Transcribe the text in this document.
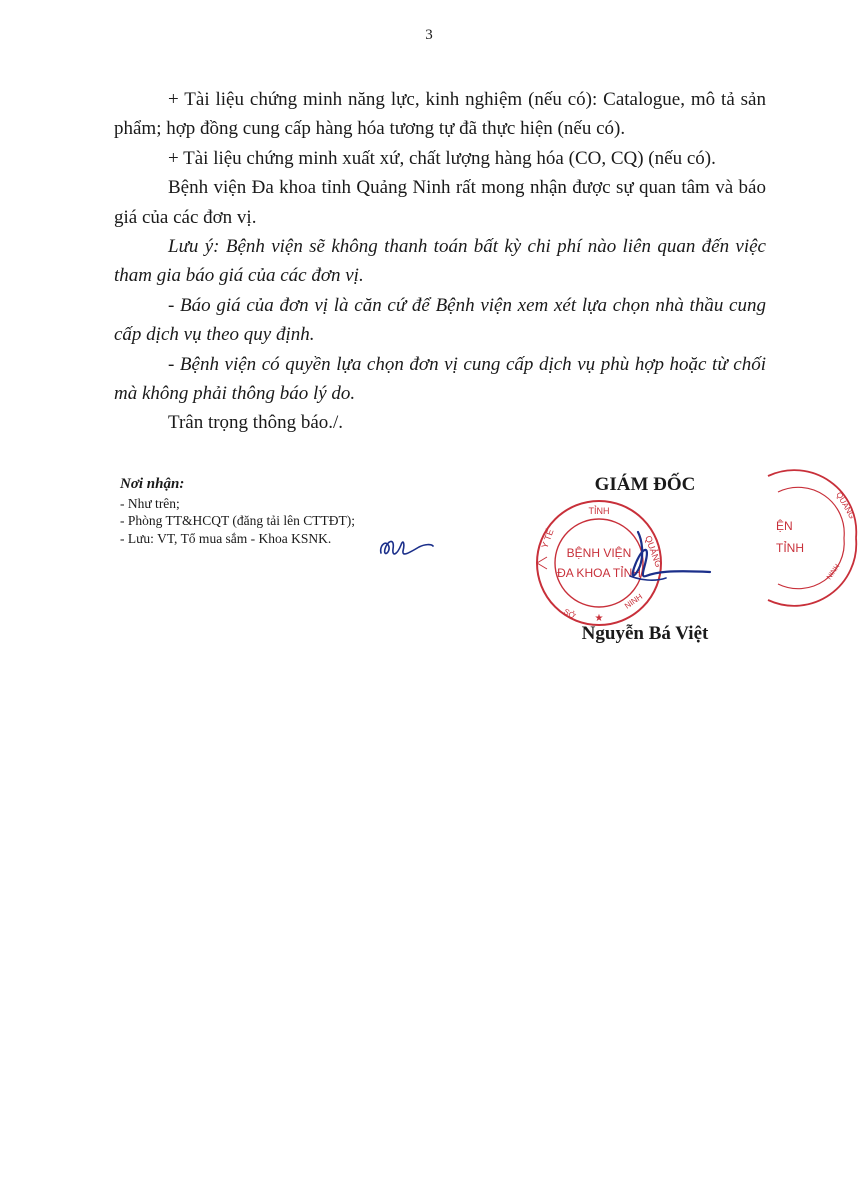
3

+ Tài liệu chứng minh năng lực, kinh nghiệm (nếu có): Catalogue, mô tả sản phẩm; hợp đồng cung cấp hàng hóa tương tự đã thực hiện (nếu có).

+ Tài liệu chứng minh xuất xứ, chất lượng hàng hóa (CO, CQ) (nếu có).

Bệnh viện Đa khoa tỉnh Quảng Ninh rất mong nhận được sự quan tâm và báo giá của các đơn vị.

Lưu ý: Bệnh viện sẽ không thanh toán bất kỳ chi phí nào liên quan đến việc tham gia báo giá của các đơn vị.

- Báo giá của đơn vị là căn cứ để Bệnh viện xem xét lựa chọn nhà thầu cung cấp dịch vụ theo quy định.

- Bệnh viện có quyền lựa chọn đơn vị cung cấp dịch vụ phù hợp hoặc từ chối mà không phải thông báo lý do.

Trân trọng thông báo./.

Nơi nhận:
- Như trên;
- Phòng TT&HCQT (đăng tải lên CTTĐT);
- Lưu: VT, Tổ mua sắm - Khoa KSNK.
GIÁM ĐỐC
TỈNH
Y TẾ	QUẢNG
SỞ
NINH
BỆNH VIỆN
ĐA KHOA TỈNH
★
Nguyễn Bá Việt
ỆN
TỈNH
QUẢNG
NINH
